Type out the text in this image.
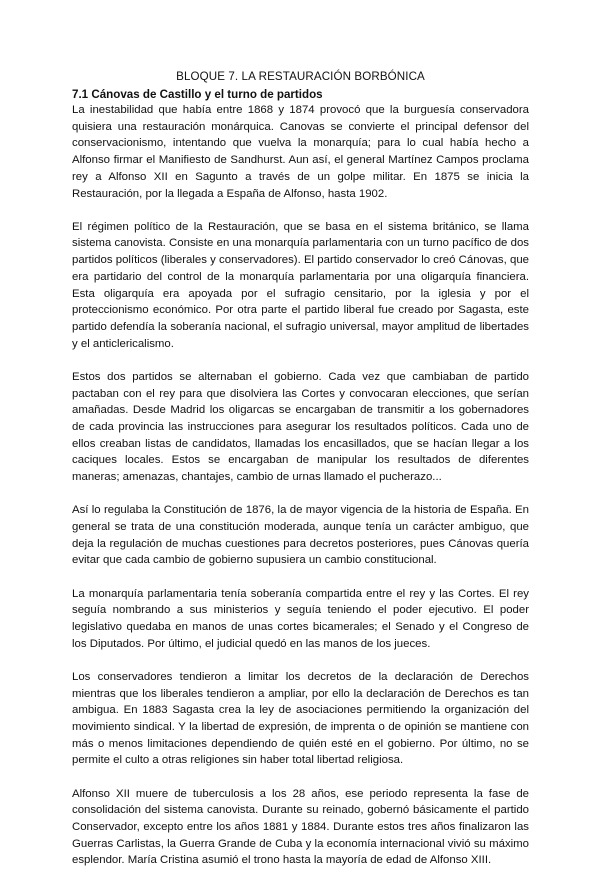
BLOQUE 7. LA RESTAURACIÓN BORBÓNICA
7.1 Cánovas de Castillo y el turno de partidos

La inestabilidad que había entre 1868 y 1874 provocó que la burguesía conservadora quisiera una restauración monárquica. Canovas se convierte el principal defensor del conservacionismo, intentando que vuelva la monarquía; para lo cual había hecho a Alfonso firmar el Manifiesto de Sandhurst. Aun así, el general Martínez Campos proclama rey a Alfonso XII en Sagunto a través de un golpe militar. En 1875 se inicia la Restauración, por la llegada a España de Alfonso, hasta 1902.

El régimen político de la Restauración, que se basa en el sistema británico, se llama sistema canovista. Consiste en una monarquía parlamentaria con un turno pacífico de dos partidos políticos (liberales y conservadores). El partido conservador lo creó Cánovas, que era partidario del control de la monarquía parlamentaria por una oligarquía financiera. Esta oligarquía era apoyada por el sufragio censitario, por la iglesia y por el proteccionismo económico. Por otra parte el partido liberal fue creado por Sagasta, este partido defendía la soberanía nacional, el sufragio universal, mayor amplitud de libertades y el anticlericalismo.

Estos dos partidos se alternaban el gobierno. Cada vez que cambiaban de partido pactaban con el rey para que disolviera las Cortes y convocaran elecciones, que serían amañadas. Desde Madrid los oligarcas se encargaban de transmitir a los gobernadores de cada provincia las instrucciones para asegurar los resultados políticos. Cada uno de ellos creaban listas de candidatos, llamadas los encasillados, que se hacían llegar a los caciques locales. Estos se encargaban de manipular los resultados de diferentes maneras; amenazas, chantajes, cambio de urnas llamado el pucherazo...

Así lo regulaba la Constitución de 1876, la de mayor vigencia de la historia de España. En general se trata de una constitución moderada, aunque tenía un carácter ambiguo, que deja la regulación de muchas cuestiones para decretos posteriores, pues Cánovas quería evitar que cada cambio de gobierno supusiera un cambio constitucional.

La monarquía parlamentaria tenía soberanía compartida entre el rey y las Cortes. El rey seguía nombrando a sus ministerios y seguía teniendo el poder ejecutivo. El poder legislativo quedaba en manos de unas cortes bicamerales; el Senado y el Congreso de los Diputados. Por último, el judicial quedó en las manos de los jueces.

Los conservadores tendieron a limitar los decretos de la declaración de Derechos mientras que los liberales tendieron a ampliar, por ello la declaración de Derechos es tan ambigua. En 1883 Sagasta crea la ley de asociaciones permitiendo la organización del movimiento sindical. Y la libertad de expresión, de imprenta o de opinión se mantiene con más o menos limitaciones dependiendo de quién esté en el gobierno. Por último, no se permite el culto a otras religiones sin haber total libertad religiosa.

Alfonso XII muere de tuberculosis a los 28 años, ese periodo representa la fase de consolidación del sistema canovista. Durante su reinado, gobernó básicamente el partido Conservador, excepto entre los años 1881 y 1884. Durante estos tres años finalizaron las Guerras Carlistas, la Guerra Grande de Cuba y la economía internacional vivió su máximo esplendor. María Cristina asumió el trono hasta la mayoría de edad de Alfonso XIII.
